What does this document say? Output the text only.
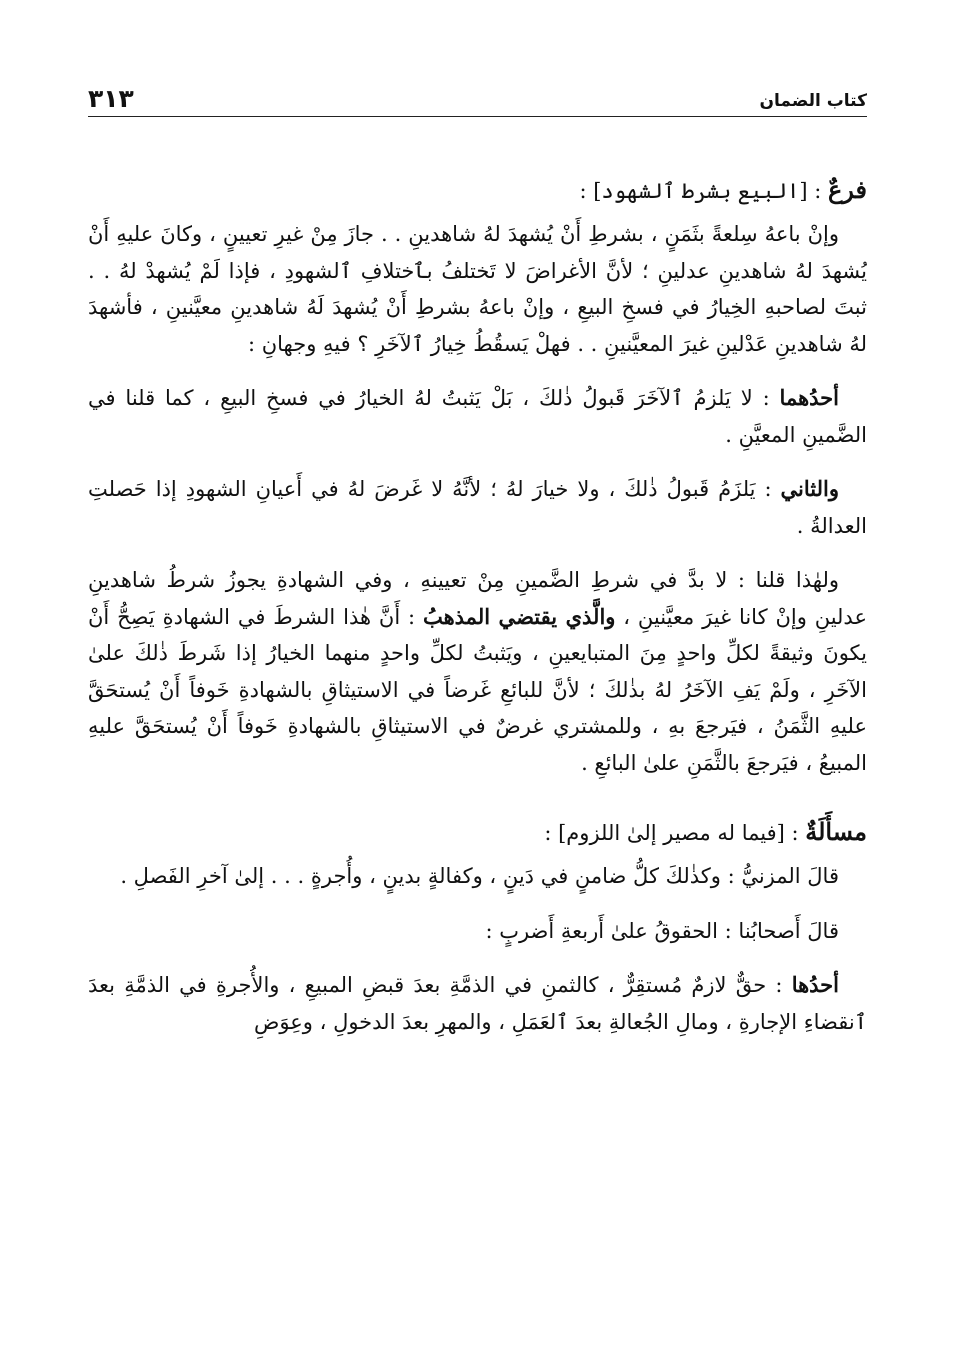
كتاب الضمان
٣١٣
فرعٌ : [البيع بشرط ٱلشهود] :

وإنْ باعهُ سِلعةً بثَمَنٍ ، بشرطِ أَنْ يُشهدَ لهُ شاهدينِ . . جازَ مِنْ غيرِ تعيينٍ ، وكانَ عليهِ أَنْ يُشهدَ لهُ شاهدينِ عدلينِ ؛ لأنَّ الأغراضَ لا تَختلفُ بٱختلافِ ٱلشهودِ ، فإذا لَمْ يُشهدْ لهُ . . ثبتَ لصاحبهِ الخِيارُ في فسخِ البيعِ ، وإنْ باعهُ بشرطِ أَنْ يُشهدَ لَهُ شاهدينِ معيَّنينِ ، فأشهدَ لهُ شاهدينِ عَدْلينِ غيرَ المعيَّنينِ . . فهلْ يَسقُطُ خِيارُ ٱلآخَرِ ؟ فيهِ وجهانِ :

أحدُهما : لا يَلزمُ ٱلآخَرَ قَبولُ ذٰلكَ ، بَلْ يَثبتُ لهُ الخيارُ في فسخِ البيعِ ، كما قلنا في الضَّمينِ المعيَّنِ .

والثاني : يَلزَمُ قَبولُ ذٰلكَ ، ولا خيارَ لهُ ؛ لأنَّهُ لا غَرضَ لهُ في أَعيانِ الشهودِ إذا حَصلتِ العدالةُ .

ولهٰذا قلنا : لا بدَّ في شرطِ الضَّمينِ مِنْ تعيينهِ ، وفي الشهادةِ يجوزُ شرطُ شاهدينِ عدلينِ وإنْ كانا غيرَ معيَّنينِ ، والَّذي يقتضي المذهبُ : أَنَّ هٰذا الشرطَ في الشهادةِ يَصِحُّ أَنْ يكونَ وثيقةً لكلِّ واحدٍ مِنَ المتبايعينِ ، ويَثبتُ لكلِّ واحدٍ منهما الخيارُ إذا شَرطَ ذٰلكَ علىٰ الآخَرِ ، ولَمْ يَفِ الآخَرُ لهُ بذٰلكَ ؛ لأنَّ للبائعِ غَرضاً في الاستيثاقِ بالشهادةِ خَوفاً أَنْ يُستحَقَّ عليهِ الثَّمَنُ ، فيَرجعَ بهِ ، وللمشتري غرضٌ في الاستيثاقِ بالشهادةِ خَوفاً أَنْ يُستحَقَّ عليهِ المبيعُ ، فيَرجعَ بالثَّمَنِ علىٰ البائعِ .

مسأَلَةٌ : [فيما له مصير إلىٰ اللزوم] :

قالَ المزنيُّ : وكذٰلكَ كلُّ ضامنٍ في دَينٍ ، وكفالةٍ بدينٍ ، وأُجرةٍ . . . إلىٰ آخرِ الفَصلِ .

قالَ أَصحابُنا : الحقوقُ علىٰ أَربعةِ أَضربٍ :

أحدُها : حقٌّ لازمٌ مُستقِرٌّ ، كالثمنِ في الذمَّةِ بعدَ قبضِ المبيعِ ، والأُجرةِ في الذمَّةِ بعدَ ٱنقضاءِ الإجارةِ ، ومالِ الجُعالةِ بعدَ ٱلعَمَلِ ، والمهرِ بعدَ الدخولِ ، وعِوَضِ
